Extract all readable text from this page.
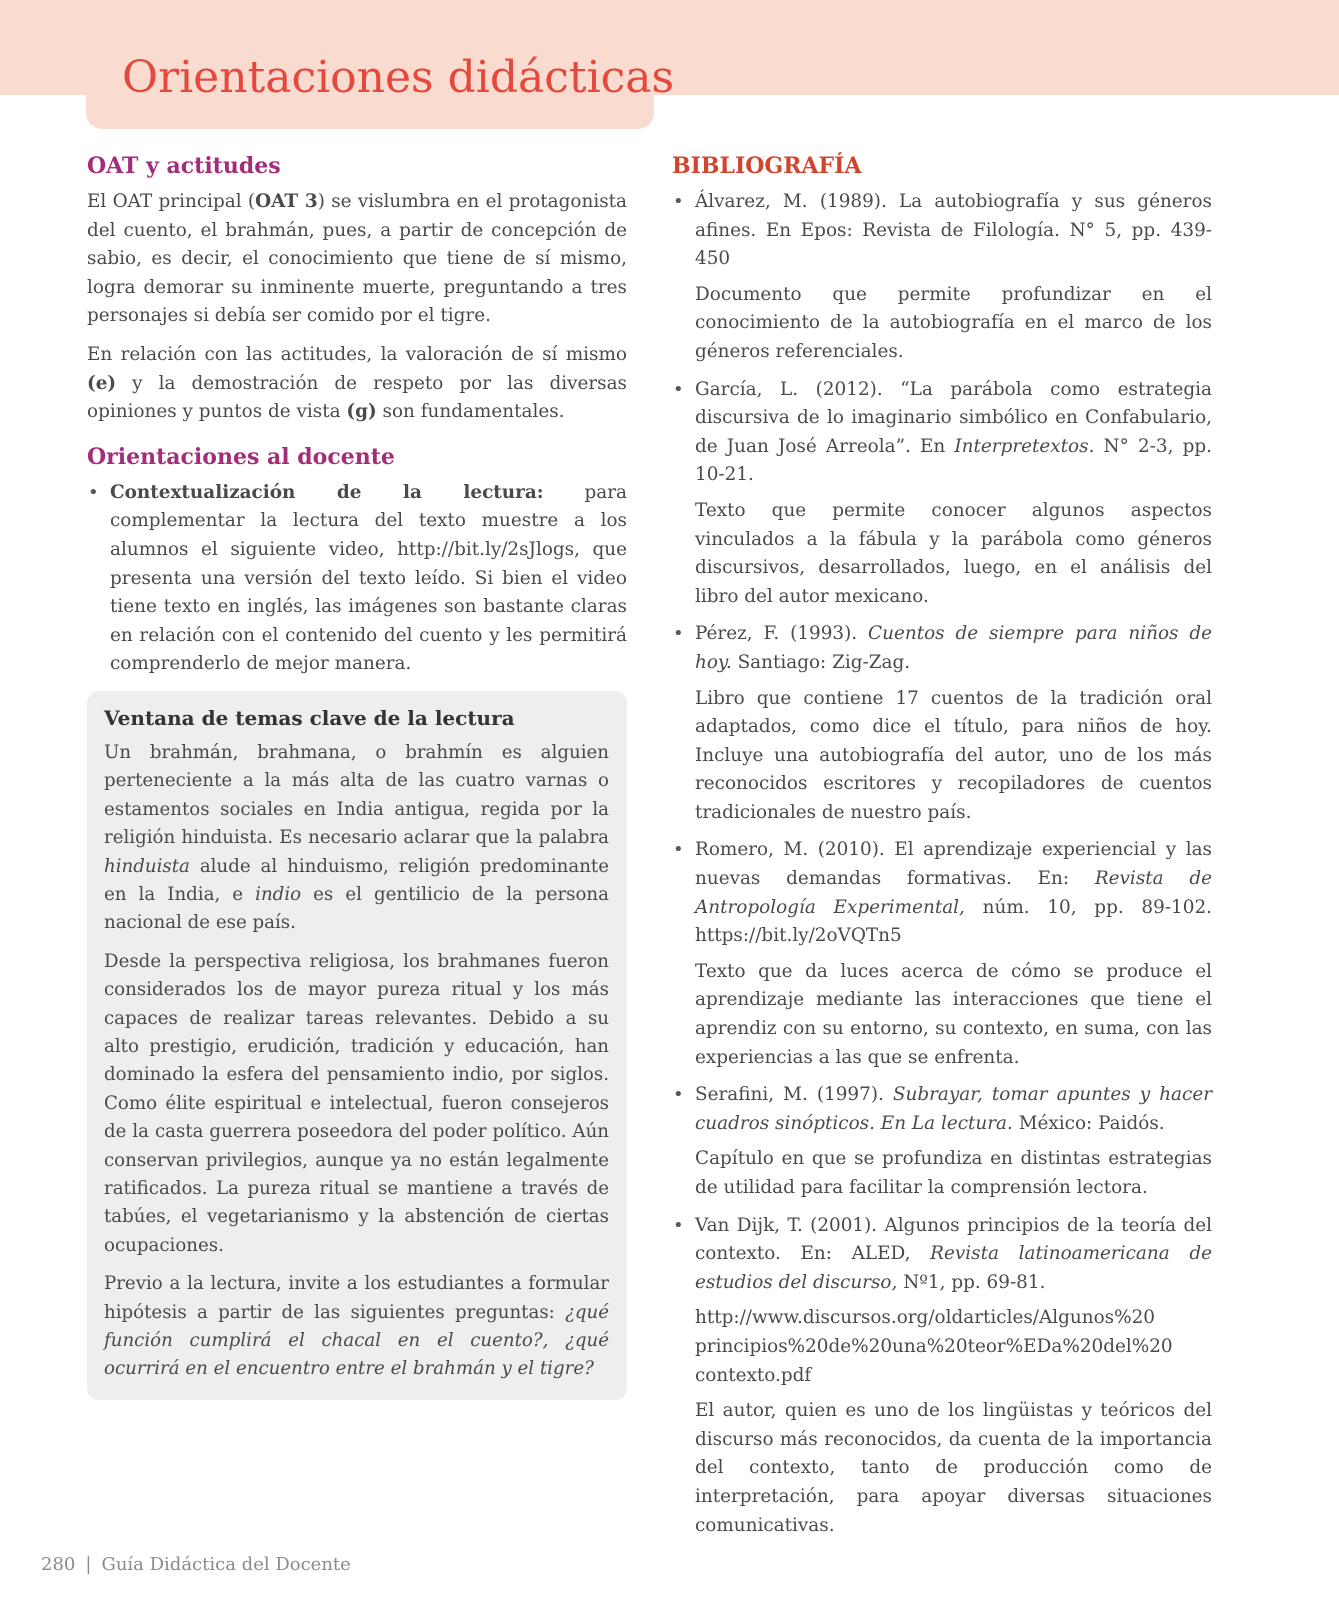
Orientaciones didácticas
OAT y actitudes

El OAT principal (OAT 3) se vislumbra en el protagonista del cuento, el brahmán, pues, a partir de concepción de sabio, es decir, el conocimiento que tiene de sí mismo, logra demorar su inminente muerte, preguntando a tres personajes si debía ser comido por el tigre.

En relación con las actitudes, la valoración de sí mismo (e) y la demostración de respeto por las diversas opiniones y puntos de vista (g) son fundamentales.

Orientaciones al docente

• Contextualización de la lectura: para complementar la lectura del texto muestre a los alumnos el siguiente video, http://bit.ly/2sJlogs, que presenta una versión del texto leído. Si bien el video tiene texto en inglés, las imágenes son bastante claras en relación con el contenido del cuento y les permitirá comprenderlo de mejor manera.

Ventana de temas clave de la lectura

Un brahmán, brahmana, o brahmín es alguien perteneciente a la más alta de las cuatro varnas o estamentos sociales en India antigua, regida por la religión hinduista. Es necesario aclarar que la palabra hinduista alude al hinduismo, religión predominante en la India, e indio es el gentilicio de la persona nacional de ese país.

Desde la perspectiva religiosa, los brahmanes fueron considerados los de mayor pureza ritual y los más capaces de realizar tareas relevantes. Debido a su alto prestigio, erudición, tradición y educación, han dominado la esfera del pensamiento indio, por siglos. Como élite espiritual e intelectual, fueron consejeros de la casta guerrera poseedora del poder político. Aún conservan privilegios, aunque ya no están legalmente ratificados. La pureza ritual se mantiene a través de tabúes, el vegetarianismo y la abstención de ciertas ocupaciones.

Previo a la lectura, invite a los estudiantes a formular hipótesis a partir de las siguientes preguntas: ¿qué función cumplirá el chacal en el cuento?, ¿qué ocurrirá en el encuentro entre el brahmán y el tigre?

BIBLIOGRAFÍA

• Álvarez, M. (1989). La autobiografía y sus géneros afines. En Epos: Revista de Filología. N° 5, pp. 439-450

Documento que permite profundizar en el conocimiento de la autobiografía en el marco de los géneros referenciales.

• García, L. (2012). “La parábola como estrategia discursiva de lo imaginario simbólico en Confabulario, de Juan José Arreola”. En Interpretextos. N° 2-3, pp. 10-21.

Texto que permite conocer algunos aspectos vinculados a la fábula y la parábola como géneros discursivos, desarrollados, luego, en el análisis del libro del autor mexicano.

• Pérez, F. (1993). Cuentos de siempre para niños de hoy. Santiago: Zig-Zag.

Libro que contiene 17 cuentos de la tradición oral adaptados, como dice el título, para niños de hoy. Incluye una autobiografía del autor, uno de los más reconocidos escritores y recopiladores de cuentos tradicionales de nuestro país.

• Romero, M. (2010). El aprendizaje experiencial y las nuevas demandas formativas. En: Revista de Antropología Experimental, núm. 10, pp. 89-102. https://bit.ly/2oVQTn5

Texto que da luces acerca de cómo se produce el aprendizaje mediante las interacciones que tiene el aprendiz con su entorno, su contexto, en suma, con las experiencias a las que se enfrenta.

• Serafini, M. (1997). Subrayar, tomar apuntes y hacer cuadros sinópticos. En La lectura. México: Paidós.

Capítulo en que se profundiza en distintas estrategias de utilidad para facilitar la comprensión lectora.

• Van Dijk, T. (2001). Algunos principios de la teoría del contexto. En: ALED, Revista latinoamericana de estudios del discurso, Nº1, pp. 69-81.

http://www.discursos.org/oldarticles/Algunos%20
principios%20de%20una%20teor%EDa%20del%20
contexto.pdf

El autor, quien es uno de los lingüistas y teóricos del discurso más reconocidos, da cuenta de la importancia del contexto, tanto de producción como de interpretación, para apoyar diversas situaciones comunicativas.

280 | Guía Didáctica del Docente
